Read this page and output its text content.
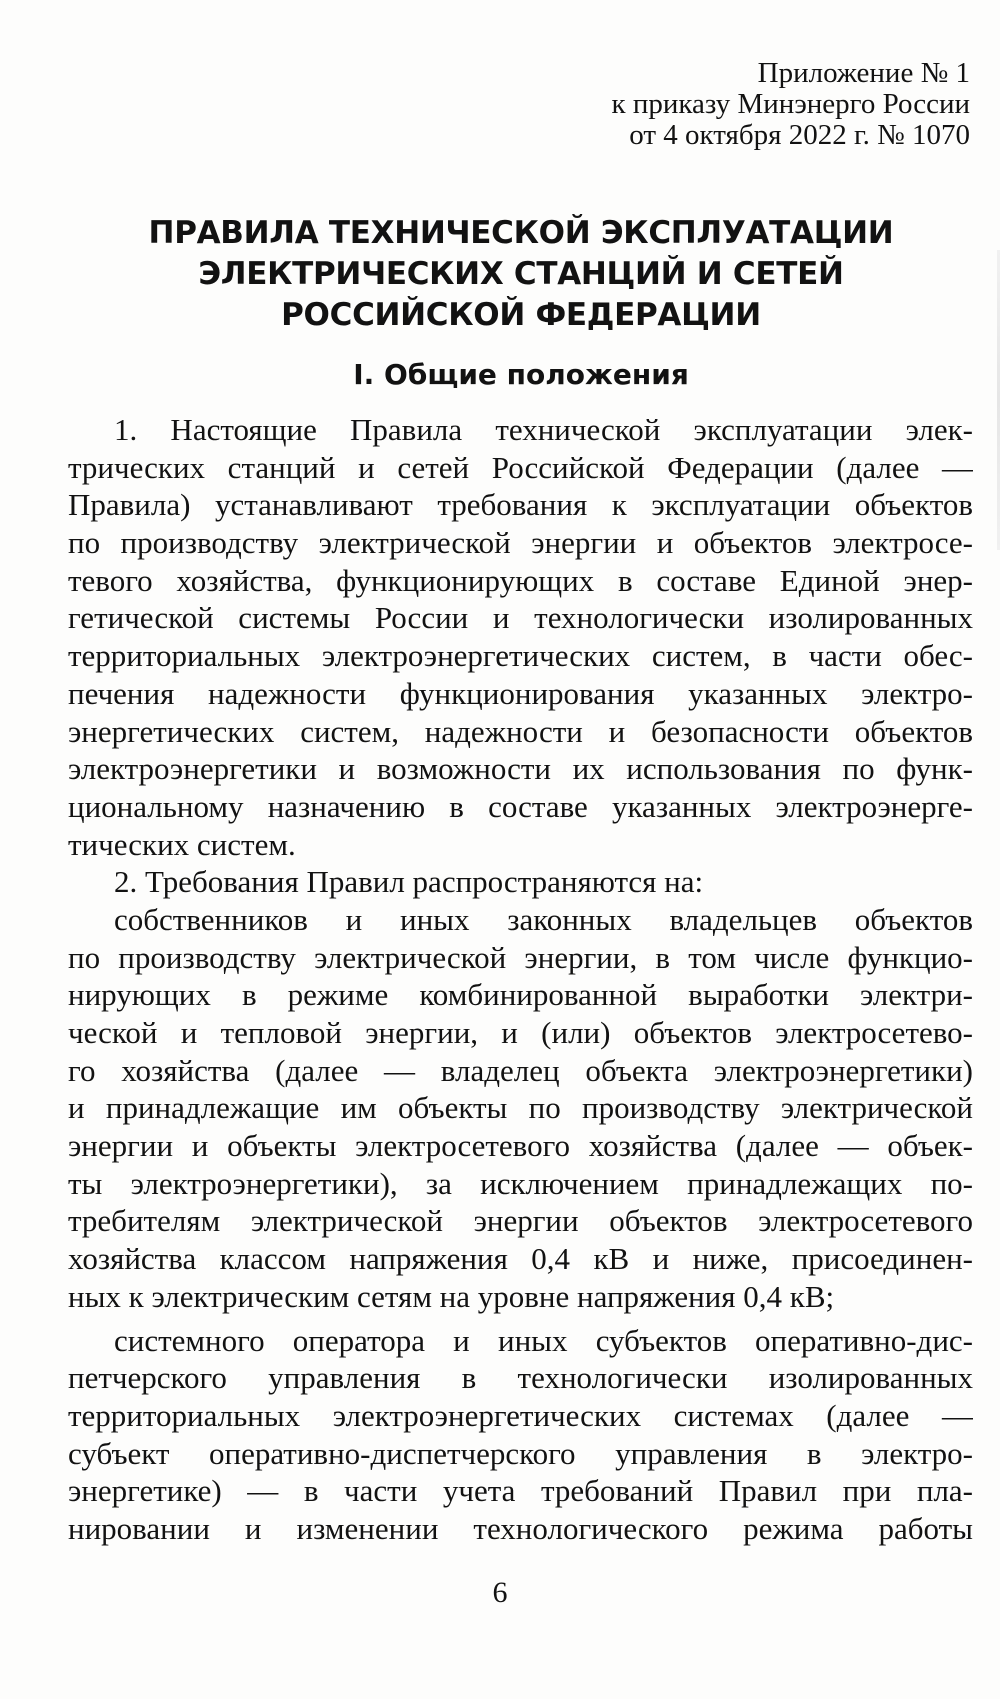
Приложение № 1
к приказу Минэнерго России
от 4 октября 2022 г. № 1070
ПРАВИЛА ТЕХНИЧЕСКОЙ ЭКСПЛУАТАЦИИ
ЭЛЕКТРИЧЕСКИХ СТАНЦИЙ И СЕТЕЙ
РОССИЙСКОЙ ФЕДЕРАЦИИ
I. Общие положения
1. Настоящие Правила технической эксплуатации элек-
трических станций и сетей Российской Федерации (далее —
Правила) устанавливают требования к эксплуатации объектов
по производству электрической энергии и объектов электросе-
тевого хозяйства, функционирующих в составе Единой энер-
гетической системы России и технологически изолированных
территориальных электроэнергетических систем, в части обес-
печения надежности функционирования указанных электро-
энергетических систем, надежности и безопасности объектов
электроэнергетики и возможности их использования по функ-
циональному назначению в составе указанных электроэнерге-
тических систем.
2. Требования Правил распространяются на:
собственников и иных законных владельцев объектов
по производству электрической энергии, в том числе функцио-
нирующих в режиме комбинированной выработки электри-
ческой и тепловой энергии, и (или) объектов электросетево-
го хозяйства (далее — владелец объекта электроэнергетики)
и принадлежащие им объекты по производству электрической
энергии и объекты электросетевого хозяйства (далее — объек-
ты электроэнергетики), за исключением принадлежащих по-
требителям электрической энергии объектов электросетевого
хозяйства классом напряжения 0,4 кВ и ниже, присоединен-
ных к электрическим сетям на уровне напряжения 0,4 кВ;
системного оператора и иных субъектов оперативно-дис-
петчерского управления в технологически изолированных
территориальных электроэнергетических системах (далее —
субъект оперативно-диспетчерского управления в электро-
энергетике) — в части учета требований Правил при пла-
нировании и изменении технологического режима работы
6
